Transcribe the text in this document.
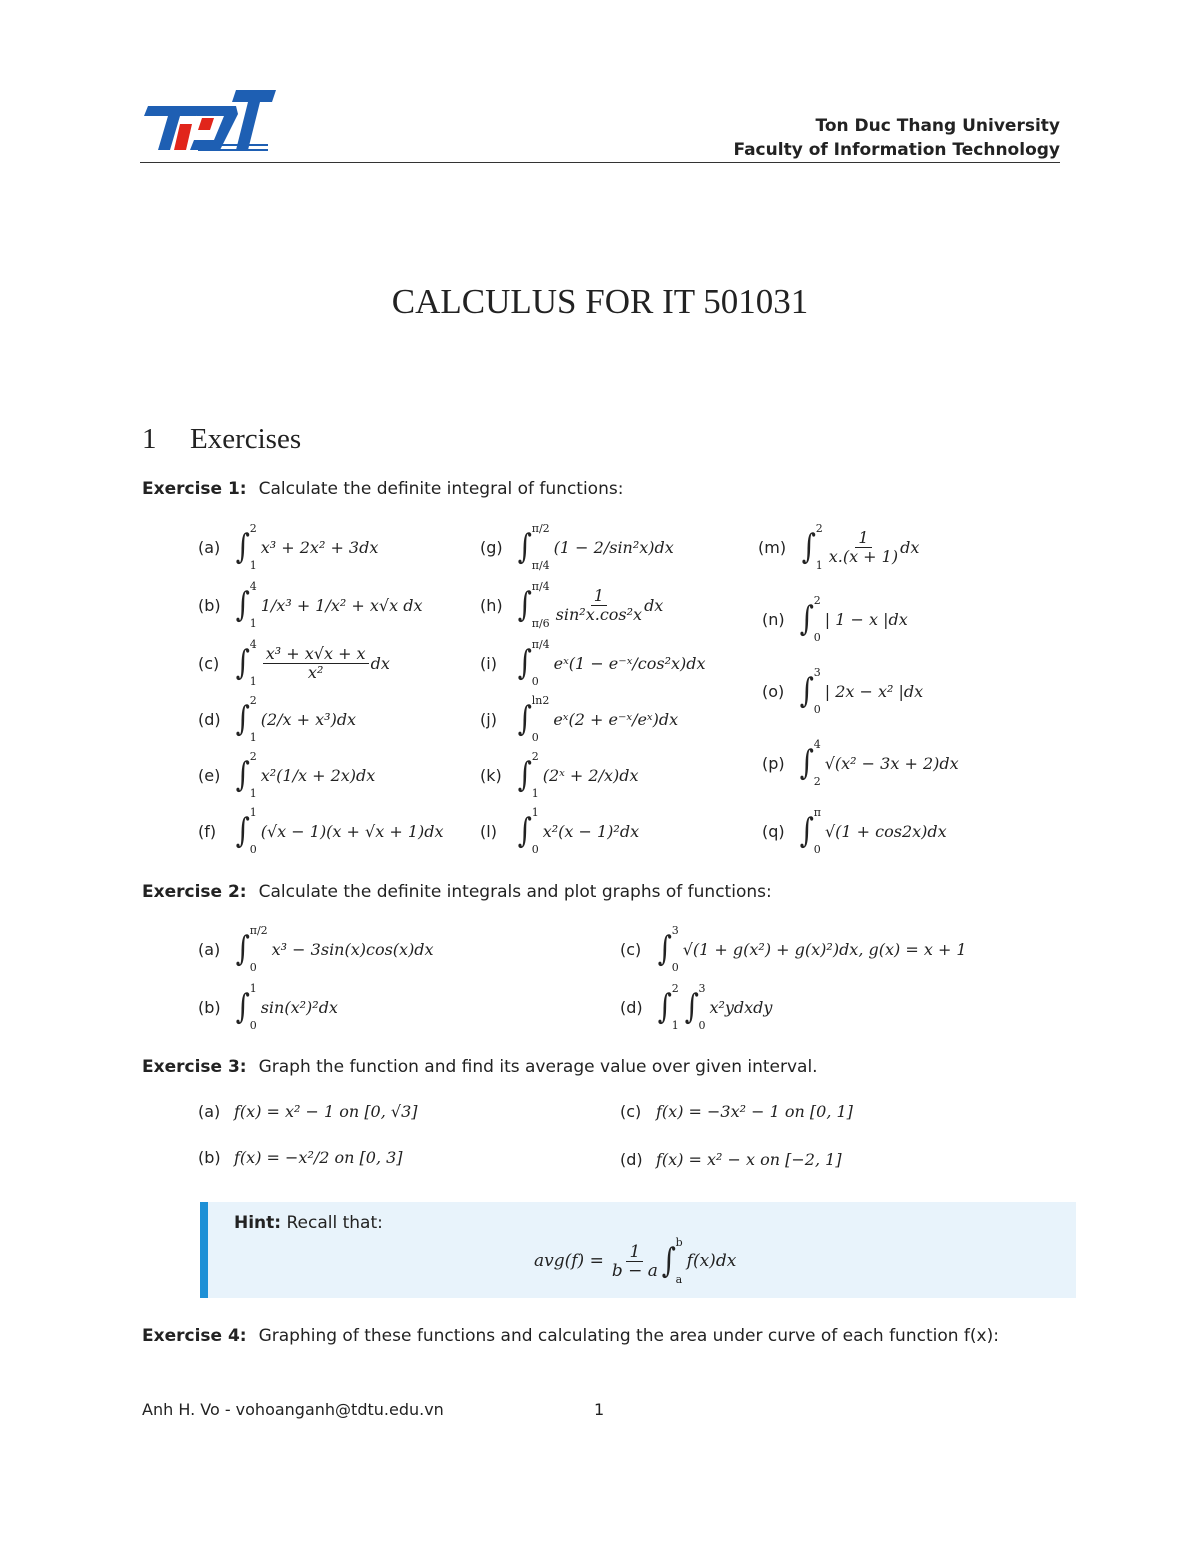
Ton Duc Thang University
Faculty of Information Technology
CALCULUS FOR IT 501031
1 Exercises
Exercise 1: Calculate the definite integral of functions:
(a) ∫ 2
1
x³ + 2x² + 3dx
(b) ∫ 4
1
1/x³ + 1/x² + x√x dx
(c) ∫ 4
$1 \frac{\text{x³ + x√x + x}}{\text{x²}}$ dx
(d) ∫ 2
1
(2/x + x³)dx
(e) ∫ 2
1
x²(1/x + 2x)dx
(f) ∫ 1
0
(√x − 1)(x + √x + 1)dx
(g) ∫ π/2
π/4
(1 − 2/sin²x)dx
(h) ∫ π/4
$\pi/6 \frac{1}{\text{sin²x.cos²x}}$ dx
(i) ∫ π/4
0
eˣ(1 − e⁻ˣ/cos²x)dx
(j) ∫ ln2
0
eˣ(2 + e⁻ˣ/eˣ)dx
(k) ∫ 2
1
(2ˣ + 2/x)dx
(l) ∫ 1
0
x²(x − 1)²dx
(m) ∫ 2
$1 \frac{1}{x.(x + 1)}$ dx
(n) ∫ 2
0
| 1 − x |dx
(o) ∫ 3
0
| 2x − x² |dx
(p) ∫ 4
2
√(x² − 3x + 2)dx
(q) ∫ π
0
√(1 + cos2x)dx
Exercise 2: Calculate the definite integrals and plot graphs of functions:
(a) ∫ π/2
0
x³ − 3sin(x)cos(x)dx
(b) ∫ 1
0
sin(x²)²dx
(c) ∫ 3
0
√(1 + g(x²) + g(x)²)dx, g(x) = x + 1
(d) ∫ 2
1 ∫ 3
0
x²ydxdy
Exercise 3: Graph the function and find its average value over given interval.
(a) f(x) = x² − 1 on [0, √3]
(b) f(x) = −x²/2 on [0, 3]
(c) f(x) = −3x² − 1 on [0, 1]
(d) f(x) = x² − x on [−2, 1]
Hint: Recall that:
$avg(f) = \frac{1}{b - a}$ ∫ b
a
f(x)dx
Exercise 4: Graphing of these functions and calculating the area under curve of each function f(x):
Anh H. Vo - vohoanganh@tdtu.edu.vn	1
